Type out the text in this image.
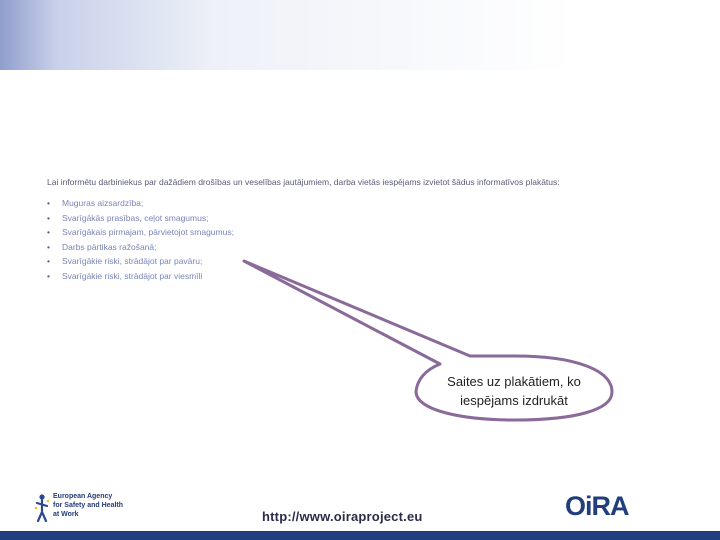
Lai informētu darbiniekus par dažādiem drošības un veselības jautājumiem, darba vietās iespējams izvietot šādus informatīvos plakātus:

• Muguras aizsardzība;
• Svarīgākās prasības, ceļot smagumus;
• Svarīgākais pirmajam, pārvietojot smagumus;
• Darbs pārtikas ražošanā;
• Svarīgākie riski, strādājot par pavāru;
• Svarīgākie riski, strādājot par viesmīli
Saites uz plakātiem, ko
iespējams izdrukāt
European Agency
for Safety and Health
at Work	http://www.oiraproject.eu	OiRA
